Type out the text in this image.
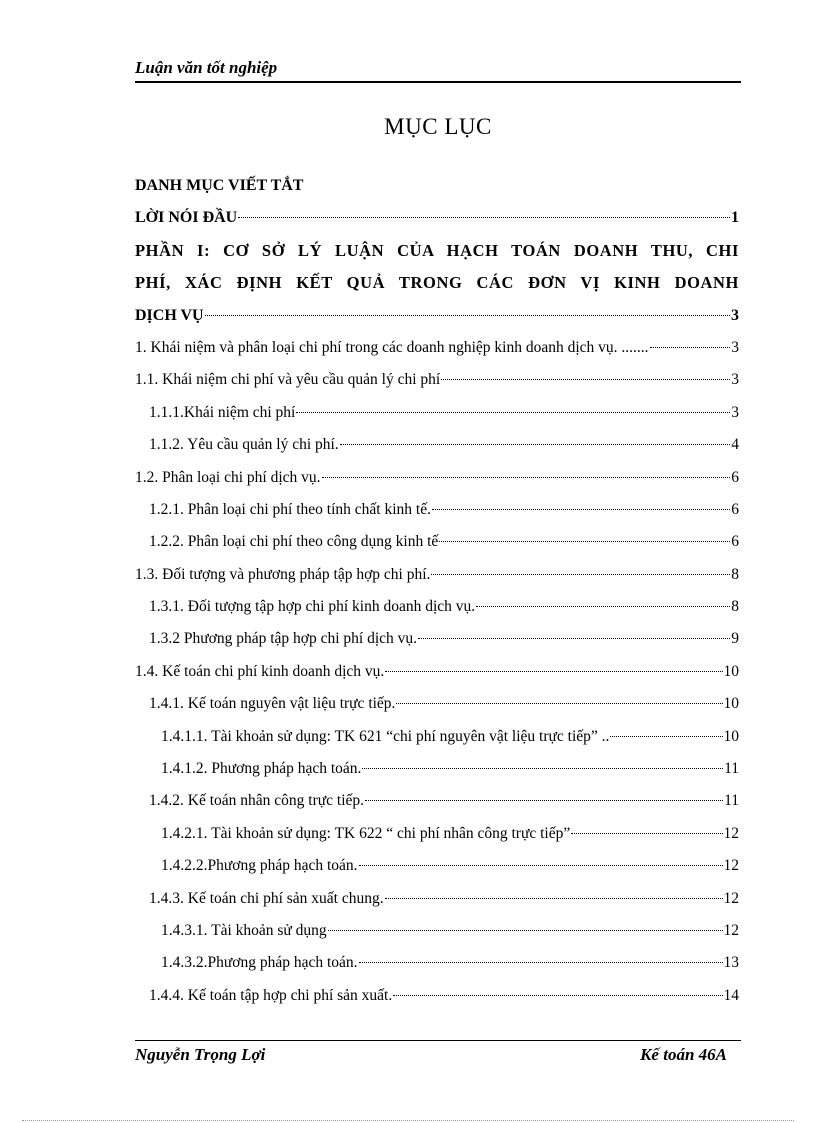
Luận văn tốt nghiệp
MỤC LỤC
DANH MỤC VIẾT TẮT
LỜI NÓI ĐẦU	1
PHẦN I: CƠ SỞ LÝ LUẬN CỦA HẠCH TOÁN DOANH THU, CHI
PHÍ, XÁC ĐỊNH KẾT QUẢ TRONG CÁC ĐƠN VỊ KINH DOANH
DỊCH VỤ	3
1. Khái niệm và phân loại chi phí trong các doanh nghiệp kinh doanh dịch vụ. .......	3
1.1. Khái niệm chi phí và yêu cầu quản lý chi phí	3
1.1.1.Khái niệm chi phí	3
1.1.2. Yêu cầu quản lý chi phí.	4
1.2. Phân loại chi phí dịch vụ.	6
1.2.1. Phân loại chi phí theo tính chất kinh tế.	6
1.2.2. Phân loại chi phí theo công dụng kinh tế	6
1.3. Đối tượng và phương pháp tập hợp chi phí.	8
1.3.1. Đối tượng tập hợp chi phí kinh doanh dịch vụ.	8
1.3.2 Phương pháp tập hợp chi phí dịch vụ.	9
1.4. Kế toán chi phí kinh doanh dịch vụ.	10
1.4.1. Kế toán nguyên vật liệu trực tiếp.	10
1.4.1.1. Tài khoản sử dụng: TK 621 “chi phí nguyên vật liệu trực tiếp” ..	10
1.4.1.2. Phương pháp hạch toán.	11
1.4.2. Kế toán nhân công trực tiếp.	11
1.4.2.1. Tài khoản sử dụng: TK 622 “ chi phí nhân công trực tiếp”	12
1.4.2.2.Phương pháp hạch toán.	12
1.4.3. Kế toán chi phí sản xuất chung.	12
1.4.3.1. Tài khoản sử dụng	12
1.4.3.2.Phương pháp hạch toán.	13
1.4.4. Kế toán tập hợp chi phí sản xuất.	14
Nguyễn Trọng Lợi	Kế toán 46A
